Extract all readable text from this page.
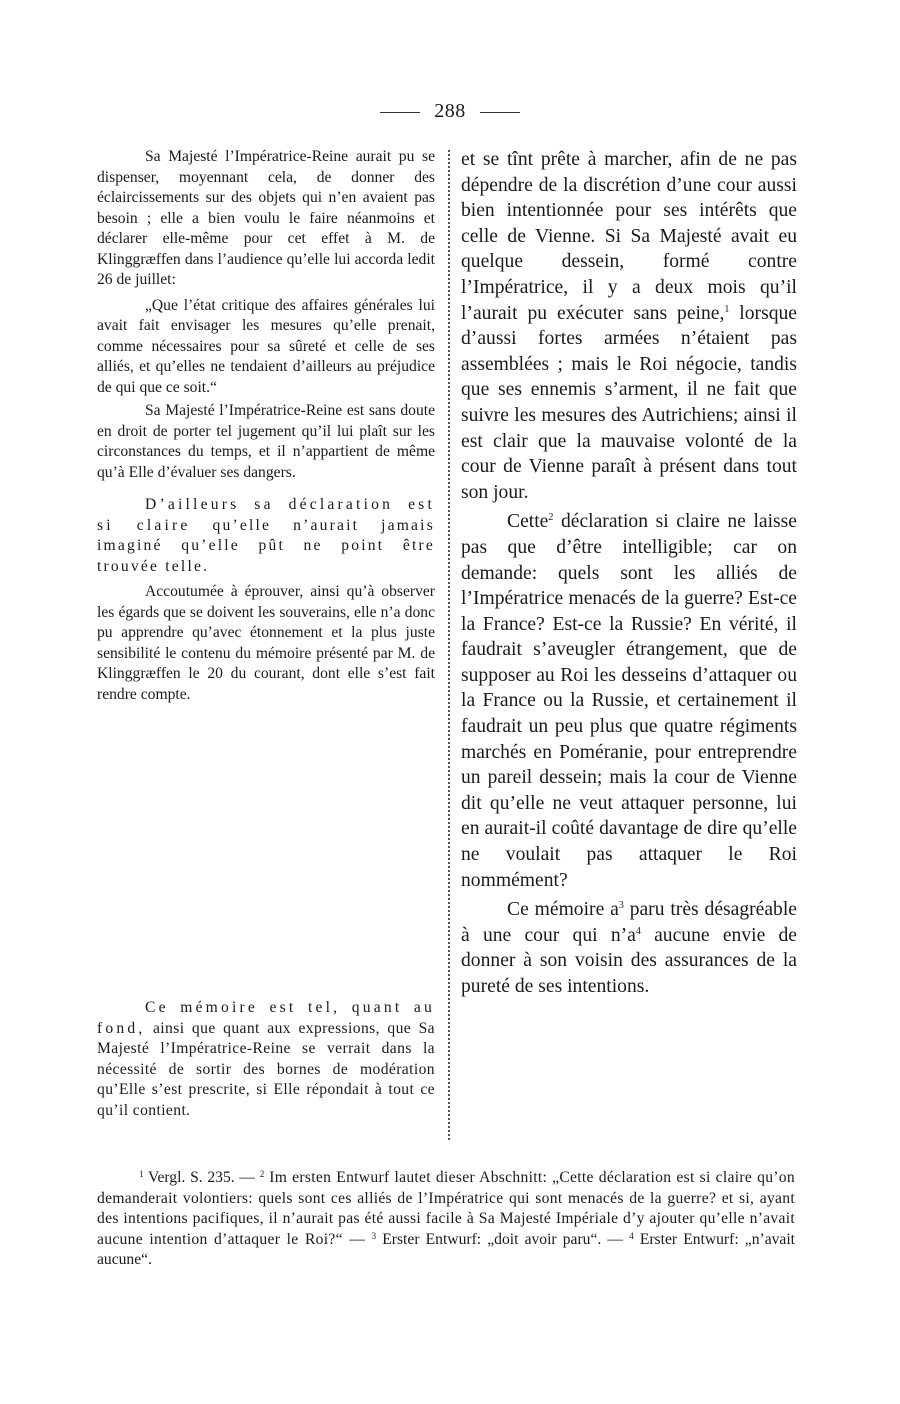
288

Sa Majesté l’Impératrice-Reine aurait pu se dispenser, moyennant cela, de donner des éclaircissements sur des objets qui n’en avaient pas besoin ; elle a bien voulu le faire néanmoins et déclarer elle-même pour cet effet à M. de Klinggræffen dans l’audience qu’elle lui accorda ledit 26 de juillet:

„Que l’état critique des affaires générales lui avait fait envisager les mesures qu’elle prenait, comme nécessaires pour sa sûreté et celle de ses alliés, et qu’elles ne tendaient d’ailleurs au préjudice de qui que ce soit.“

Sa Majesté l’Impératrice-Reine est sans doute en droit de porter tel jugement qu’il lui plaît sur les circonstances du temps, et il n’appartient de même qu’à Elle d’évaluer ses dangers.

D’ailleurs sa déclaration est si claire qu’elle n’aurait jamais imaginé qu’elle pût ne point être trouvée telle.

Accoutumée à éprouver, ainsi qu’à observer les égards que se doivent les souverains, elle n’a donc pu apprendre qu’avec étonnement et la plus juste sensibilité le contenu du mémoire présenté par M. de Klinggræffen le 20 du courant, dont elle s’est fait rendre compte.

Ce mémoire est tel, quant au fond, ainsi que quant aux expressions, que Sa Majesté l’Impératrice-Reine se verrait dans la nécessité de sortir des bornes de modération qu’Elle s’est prescrite, si Elle répondait à tout ce qu’il contient.

et se tînt prête à marcher, afin de ne pas dépendre de la discrétion d’une cour aussi bien intentionnée pour ses intérêts que celle de Vienne. Si Sa Majesté avait eu quelque dessein, formé contre l’Impératrice, il y a deux mois qu’il l’aurait pu exécuter sans peine,$^1$ lorsque d’aussi fortes armées n’étaient pas assemblées ; mais le Roi négocie, tandis que ses ennemis s’arment, il ne fait que suivre les mesures des Autrichiens; ainsi il est clair que la mauvaise volonté de la cour de Vienne paraît à présent dans tout son jour.

Cette$^2$ déclaration si claire ne laisse pas que d’être intelligible; car on demande: quels sont les alliés de l’Impératrice menacés de la guerre? Est-ce la France? Est-ce la Russie? En vérité, il faudrait s’aveugler étrangement, que de supposer au Roi les desseins d’attaquer ou la France ou la Russie, et certainement il faudrait un peu plus que quatre régiments marchés en Poméranie, pour entreprendre un pareil dessein; mais la cour de Vienne dit qu’elle ne veut attaquer personne, lui en aurait-il coûté davantage de dire qu’elle ne voulait pas attaquer le Roi nommément?

Ce mémoire $a^3$ paru très désagréable à une cour qui $n’a^4$ aucune envie de donner à son voisin des assurances de la pureté de ses intentions.

$^1$ Vergl. S. 235. — $^2$ Im ersten Entwurf lautet dieser Abschnitt: „Cette déclaration est si claire qu’on demanderait volontiers: quels sont ces alliés de l’Impératrice qui sont menacés de la guerre? et si, ayant des intentions pacifiques, il n’aurait pas été aussi facile à Sa Majesté Impériale d’y ajouter qu’elle n’avait aucune intention d’attaquer le Roi?“ — $^3$ Erster Entwurf: „doit avoir paru“. — $^4$ Erster Entwurf: „n’avait aucune“.
